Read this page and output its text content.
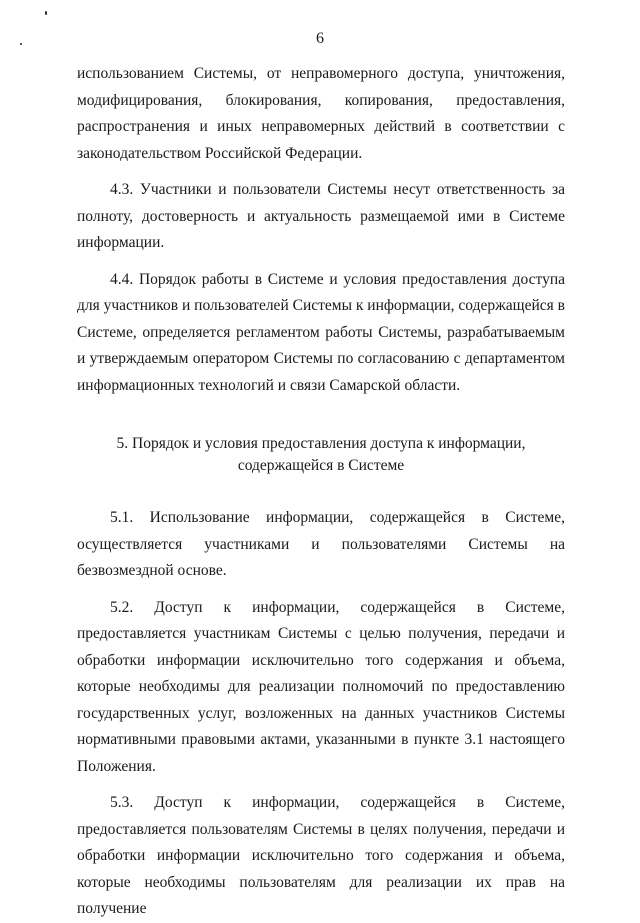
6

использованием Системы, от неправомерного доступа, уничтожения, модифицирования, блокирования, копирования, предоставления, распространения и иных неправомерных действий в соответствии с законодательством Российской Федерации.

4.3. Участники и пользователи Системы несут ответственность за полноту, достоверность и актуальность размещаемой ими в Системе информации.

4.4. Порядок работы в Системе и условия предоставления доступа для участников и пользователей Системы к информации, содержащейся в Системе, определяется регламентом работы Системы, разрабатываемым и утверждаемым оператором Системы по согласованию с департаментом информационных технологий и связи Самарской области.

5. Порядок и условия предоставления доступа к информации,
содержащейся в Системе

5.1. Использование информации, содержащейся в Системе, осуществляется участниками и пользователями Системы на безвозмездной основе.

5.2. Доступ к информации, содержащейся в Системе, предоставляется участникам Системы с целью получения, передачи и обработки информации исключительно того содержания и объема, которые необходимы для реализации полномочий по предоставлению государственных услуг, возложенных на данных участников Системы нормативными правовыми актами, указанными в пункте 3.1 настоящего Положения.

5.3. Доступ к информации, содержащейся в Системе, предоставляется пользователям Системы в целях получения, передачи и обработки информации исключительно того содержания и объема, которые необходимы пользователям для реализации их прав на получение
